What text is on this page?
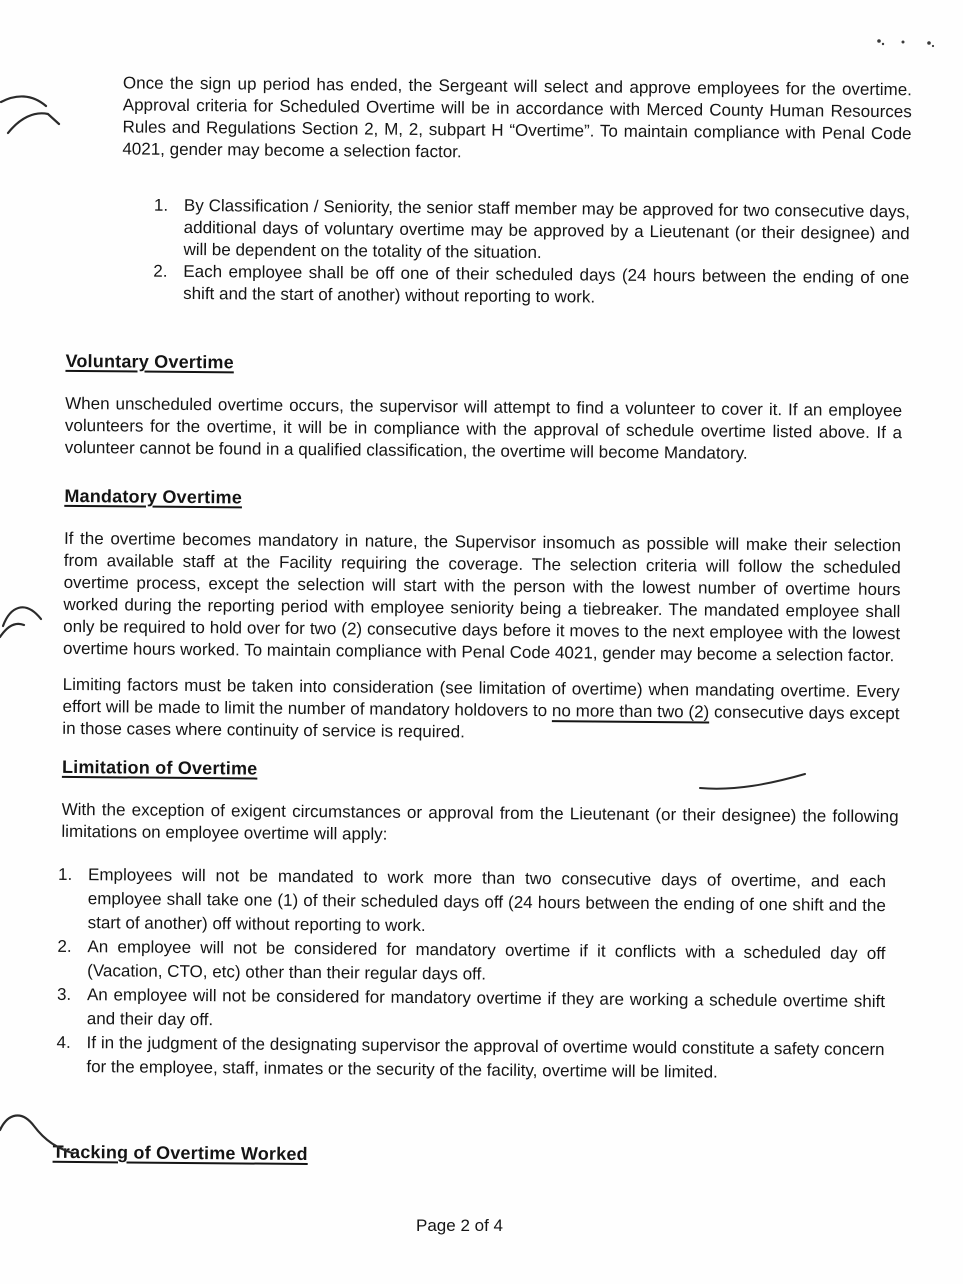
Once the sign up period has ended, the Sergeant will select and approve employees for the overtime. Approval criteria for Scheduled Overtime will be in accordance with Merced County Human Resources Rules and Regulations Section 2, M, 2, subpart H “Overtime”. To maintain compliance with Penal Code 4021, gender may become a selection factor.

1. By Classification / Seniority, the senior staff member may be approved for two consecutive days, additional days of voluntary overtime may be approved by a Lieutenant (or their designee) and will be dependent on the totality of the situation.
2. Each employee shall be off one of their scheduled days (24 hours between the ending of one shift and the start of another) without reporting to work.
Voluntary Overtime

When unscheduled overtime occurs, the supervisor will attempt to find a volunteer to cover it. If an employee volunteers for the overtime, it will be in compliance with the approval of schedule overtime listed above. If a volunteer cannot be found in a qualified classification, the overtime will become Mandatory.

Mandatory Overtime

If the overtime becomes mandatory in nature, the Supervisor insomuch as possible will make their selection from available staff at the Facility requiring the coverage. The selection criteria will follow the scheduled overtime process, except the selection will start with the person with the lowest number of overtime hours worked during the reporting period with employee seniority being a tiebreaker. The mandated employee shall only be required to hold over for two (2) consecutive days before it moves to the next employee with the lowest overtime hours worked. To maintain compliance with Penal Code 4021, gender may become a selection factor.

Limiting factors must be taken into consideration (see limitation of overtime) when mandating overtime. Every effort will be made to limit the number of mandatory holdovers to no more than two (2) consecutive days except in those cases where continuity of service is required.

Limitation of Overtime

With the exception of exigent circumstances or approval from the Lieutenant (or their designee) the following limitations on employee overtime will apply:

1. Employees will not be mandated to work more than two consecutive days of overtime, and each employee shall take one (1) of their scheduled days off (24 hours between the ending of one shift and the start of another) off without reporting to work.
2. An employee will not be considered for mandatory overtime if it conflicts with a scheduled day off (Vacation, CTO, etc) other than their regular days off.
3. An employee will not be considered for mandatory overtime if they are working a schedule overtime shift and their day off.
4. If in the judgment of the designating supervisor the approval of overtime would constitute a safety concern for the employee, staff, inmates or the security of the facility, overtime will be limited.
Tracking of Overtime Worked
Page 2 of 4
